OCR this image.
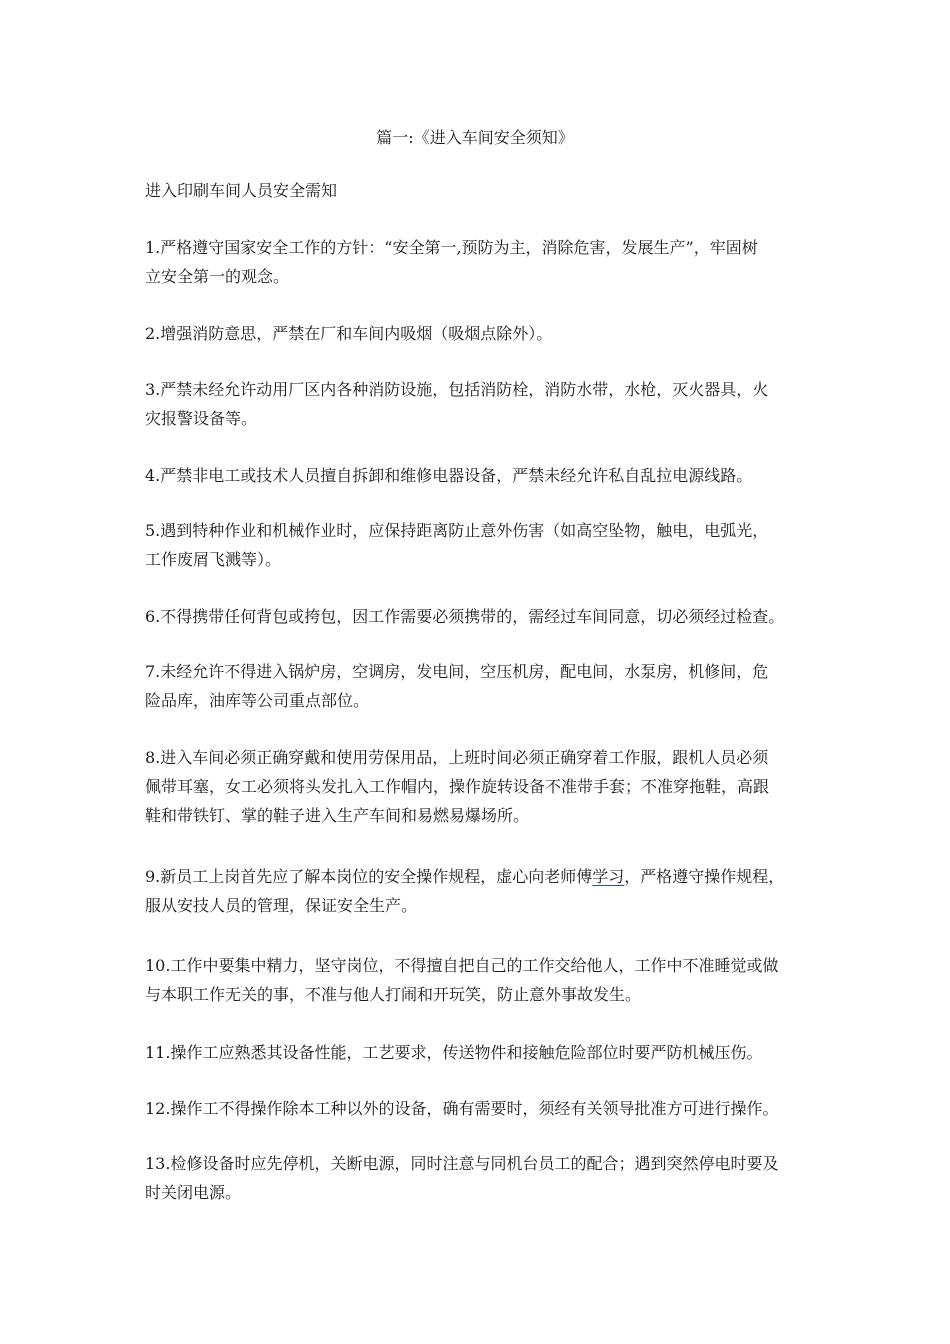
篇一:《进入车间安全须知》
进入印刷车间人员安全需知
1.严格遵守国家安全工作的方针：“安全第一,预防为主，消除危害，发展生产”，牢固树
立安全第一的观念。
2.增强消防意思，严禁在厂和车间内吸烟（吸烟点除外）。
3.严禁未经允许动用厂区内各种消防设施，包括消防栓，消防水带，水枪，灭火器具，火
灾报警设备等。
4.严禁非电工或技术人员擅自拆卸和维修电器设备，严禁未经允许私自乱拉电源线路。
5.遇到特种作业和机械作业时，应保持距离防止意外伤害（如高空坠物，触电，电弧光，
工作废屑飞溅等）。
6.不得携带任何背包或挎包，因工作需要必须携带的，需经过车间同意，切必须经过检查。
7.未经允许不得进入锅炉房，空调房，发电间，空压机房，配电间，水泵房，机修间，危
险品库，油库等公司重点部位。
8.进入车间必须正确穿戴和使用劳保用品，上班时间必须正确穿着工作服，跟机人员必须
佩带耳塞，女工必须将头发扎入工作帽内，操作旋转设备不准带手套；不准穿拖鞋，高跟
鞋和带铁钉、掌的鞋子进入生产车间和易燃易爆场所。
9.新员工上岗首先应了解本岗位的安全操作规程，虚心向老师傅学习，严格遵守操作规程，
服从安技人员的管理，保证安全生产。
10.工作中要集中精力，坚守岗位，不得擅自把自己的工作交给他人，工作中不准睡觉或做
与本职工作无关的事，不准与他人打闹和开玩笑，防止意外事故发生。
11.操作工应熟悉其设备性能，工艺要求，传送物件和接触危险部位时要严防机械压伤。
12.操作工不得操作除本工种以外的设备，确有需要时，须经有关领导批准方可进行操作。
13.检修设备时应先停机，关断电源，同时注意与同机台员工的配合；遇到突然停电时要及
时关闭电源。
